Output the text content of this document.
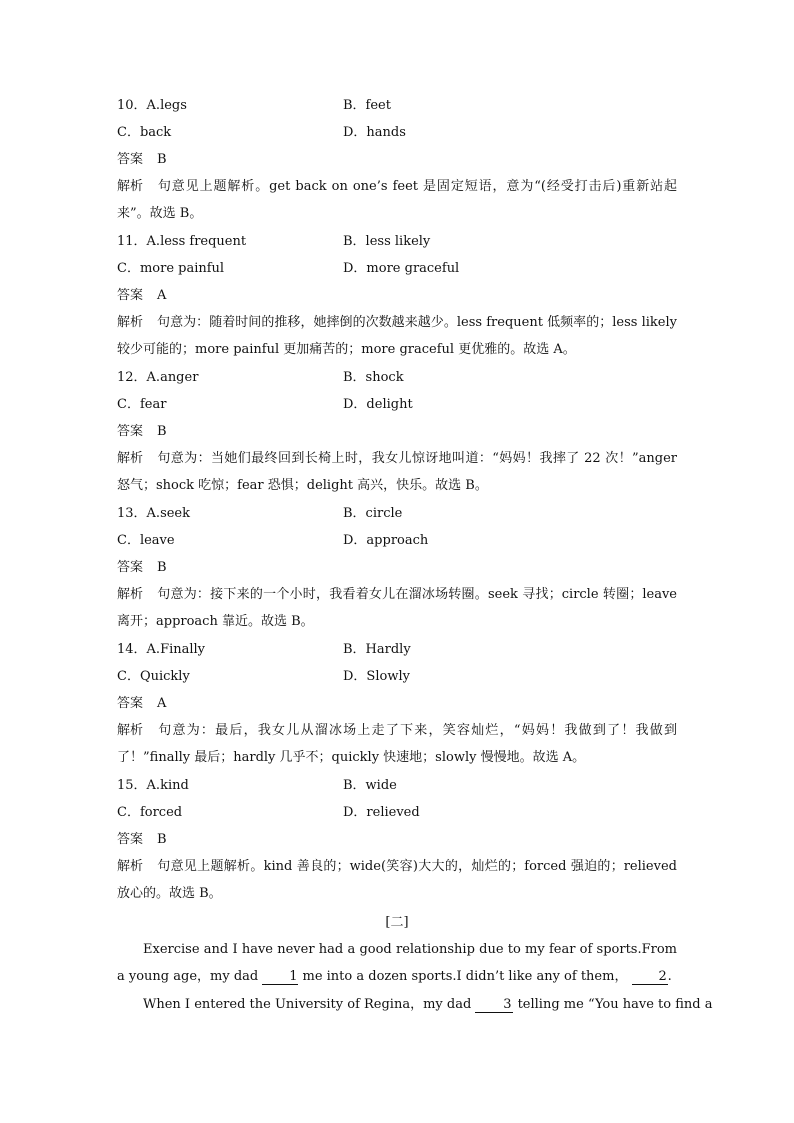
10．A.legs	B．feet
C．back	D．hands
答案 B
解析 句意见上题解析。get back on one’s feet 是固定短语，意为“(经受打击后)重新站起来”。故选 B。
11．A.less frequent	B．less likely
C．more painful	D．more graceful
答案 A
解析 句意为：随着时间的推移，她摔倒的次数越来越少。less frequent 低频率的；less likely 较少可能的；more painful 更加痛苦的；more graceful 更优雅的。故选 A。
12．A.anger	B．shock
C．fear	D．delight
答案 B
解析 句意为：当她们最终回到长椅上时，我女儿惊讶地叫道：“妈妈！我摔了 22 次！”anger 怒气；shock 吃惊；fear 恐惧；delight 高兴，快乐。故选 B。
13．A.seek	B．circle
C．leave	D．approach
答案 B
解析 句意为：接下来的一个小时，我看着女儿在溜冰场转圈。seek 寻找；circle 转圈；leave 离开；approach 靠近。故选 B。
14．A.Finally	B．Hardly
C．Quickly	D．Slowly
答案 A
解析 句意为：最后，我女儿从溜冰场上走了下来，笑容灿烂，“妈妈！我做到了！我做到了！”finally 最后；hardly 几乎不；quickly 快速地；slowly 慢慢地。故选 A。
15．A.kind	B．wide
C．forced	D．relieved
答案 B
解析 句意见上题解析。kind 善良的；wide(笑容)大大的，灿烂的；forced 强迫的；relieved 放心的。故选 B。
[二]
Exercise and I have never had a good relationship due to my fear of sports.From a young age，my dad 1 me into a dozen sports.I didn’t like any of them， 2.
When I entered the University of Regina，my dad 3 telling me “You have to find a
